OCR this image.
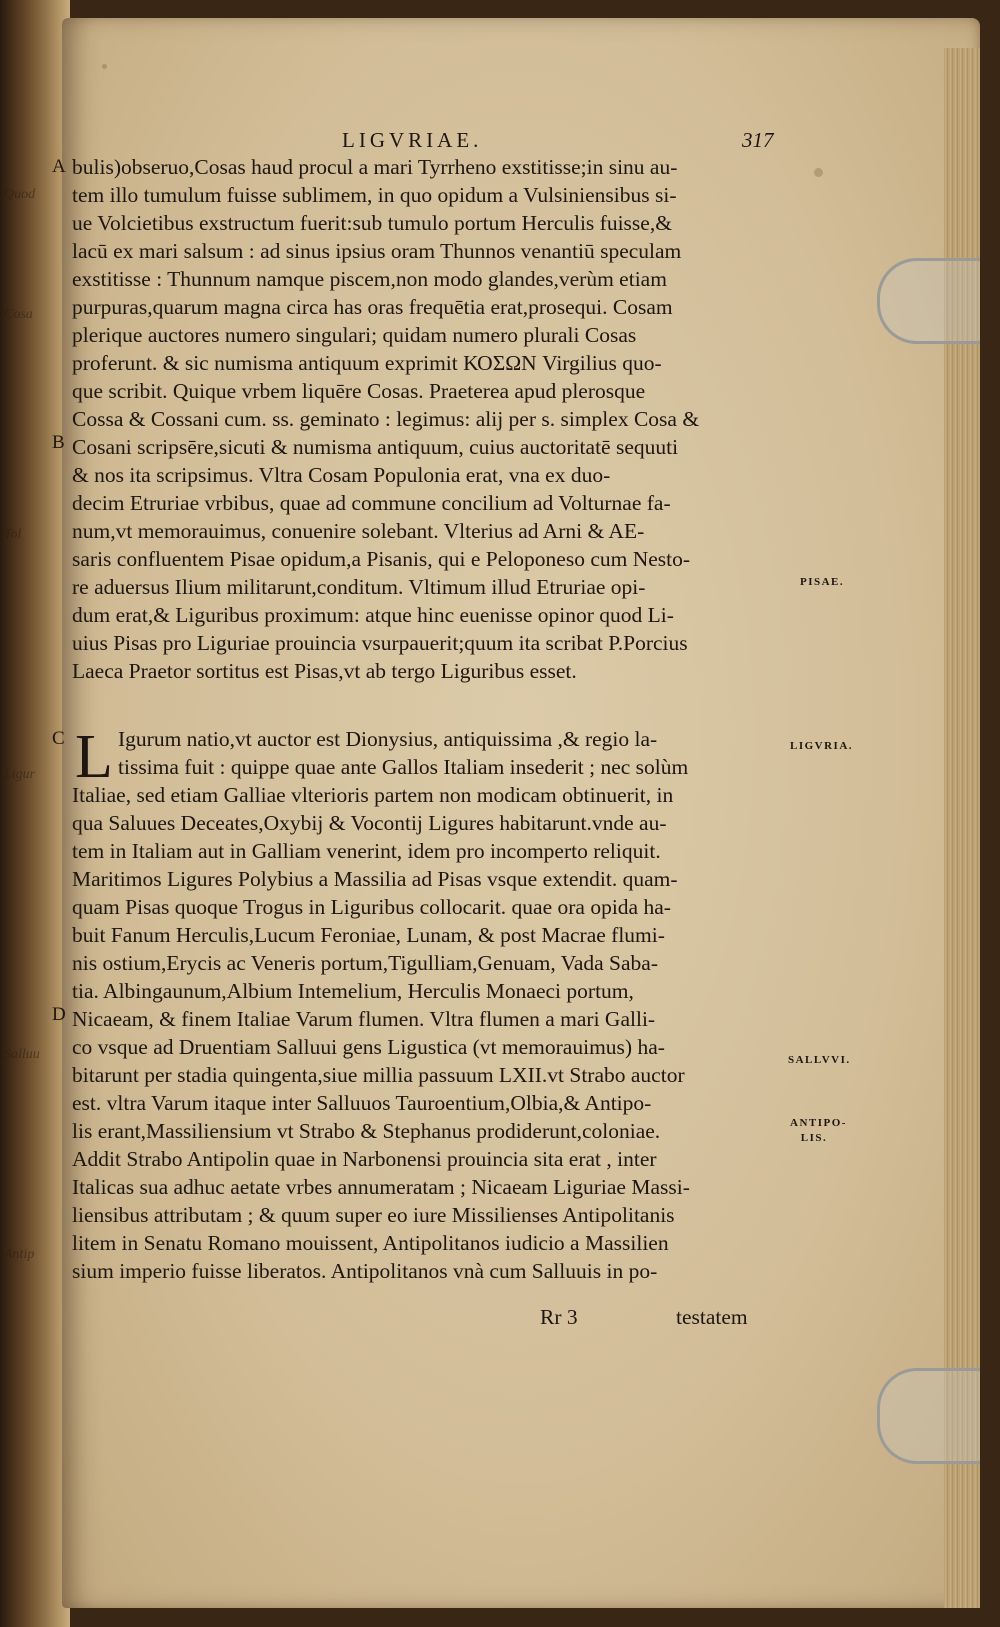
Quod
Cosa
Tol
Ligur
Salluu
Antip
LIGVRIAE.	317
A
B
C
D
bulis)obseruo,Cosas haud procul a mari Tyrrheno exstitisse;in sinu au-
tem illo tumulum fuisse sublimem, in quo opidum a Vulsiniensibus si-
ue Volcietibus exstructum fuerit:sub tumulo portum Herculis fuisse,&
lacū ex mari salsum : ad sinus ipsius oram Thunnos venantiū speculam
exstitisse : Thunnum namque piscem,non modo glandes,verùm etiam
purpuras,quarum magna circa has oras frequētia erat,prosequi. Cosam
plerique auctores numero singulari; quidam numero plurali Cosas
proferunt. & sic numisma antiquum exprimit ΚΟΣΩΝ Virgilius quo-
que scribit. Quique vrbem liquēre Cosas. Praeterea apud plerosque
Cossa & Cossani cum. ss. geminato : legimus: alij per s. simplex Cosa &
Cosani scripsēre,sicuti & numisma antiquum, cuius auctoritatē sequuti
& nos ita scripsimus. Vltra Cosam Populonia erat, vna ex duo-
decim Etruriae vrbibus, quae ad commune concilium ad Volturnae fa-
num,vt memorauimus, conuenire solebant. Vlterius ad Arni & AE-
saris confluentem Pisae opidum,a Pisanis, qui e Peloponeso cum Nesto-
re aduersus Ilium militarunt,conditum. Vltimum illud Etruriae opi-
dum erat,& Liguribus proximum: atque hinc euenisse opinor quod Li-
uius Pisas pro Liguriae prouincia vsurpauerit;quum ita scribat P.Porcius
Laeca Praetor sortitus est Pisas,vt ab tergo Liguribus esset.
L Igurum natio,vt auctor est Dionysius, antiquissima ,& regio la-
tissima fuit : quippe quae ante Gallos Italiam insederit ; nec solùm
Italiae, sed etiam Galliae vlterioris partem non modicam obtinuerit, in
qua Saluues Deceates,Oxybij & Vocontij Ligures habitarunt.vnde au-
tem in Italiam aut in Galliam venerint, idem pro incomperto reliquit.
Maritimos Ligures Polybius a Massilia ad Pisas vsque extendit. quam-
quam Pisas quoque Trogus in Liguribus collocarit. quae ora opida ha-
buit Fanum Herculis,Lucum Feroniae, Lunam, & post Macrae flumi-
nis ostium,Erycis ac Veneris portum,Tigulliam,Genuam, Vada Saba-
tia. Albingaunum,Albium Intemelium, Herculis Monaeci portum,
Nicaeam, & finem Italiae Varum flumen. Vltra flumen a mari Galli-
co vsque ad Druentiam Salluui gens Ligustica (vt memorauimus) ha-
bitarunt per stadia quingenta,siue millia passuum LXII.vt Strabo auctor
est. vltra Varum itaque inter Salluuos Tauroentium,Olbia,& Antipo-
lis erant,Massiliensium vt Strabo & Stephanus prodiderunt,coloniae.
Addit Strabo Antipolin quae in Narbonensi prouincia sita erat , inter
Italicas sua adhuc aetate vrbes annumeratam ; Nicaeam Liguriae Massi-
liensibus attributam ; & quum super eo iure Missilienses Antipolitanis
litem in Senatu Romano mouissent, Antipolitanos iudicio a Massilien
sium imperio fuisse liberatos. Antipolitanos vnà cum Salluuis in po-
Rr 3	testatem
PISAE.
LIGVRIA.
SALLVVI.
ANTIPO- LIS.
